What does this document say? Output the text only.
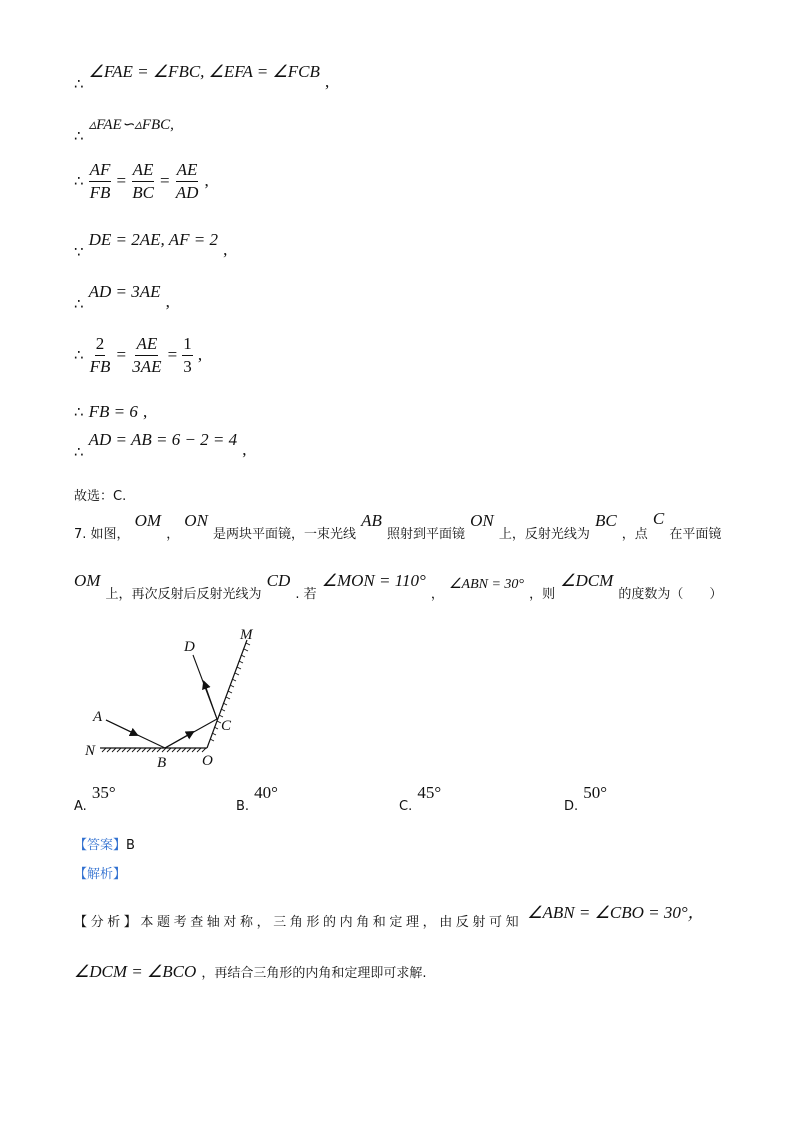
∴ ∠FAE = ∠FBC, ∠EFA = ∠FCB ,
∴ ▵FAE∽▵FBC,
∴ $\frac{AF}{FB} = \frac{AE}{BC} = \frac{AE}{AD}$ ,
∵ DE = 2AE, AF = 2 ,
∴ AD = 3AE ,
∴ $\frac{2}{FB} = \frac{AE}{3AE} = \frac{1}{3}$ ,
∴ FB = 6 ,
∴ AD = AB = 6 − 2 = 4 ,
故选：C.
7. 如图， OM ， ON 是两块平面镜，一束光线 AB 照射到平面镜 ON 上，反射光线为 BC ，点 C 在平面镜
OM 上，再次反射后反射光线为 CD . 若 ∠MON = 110° ， ∠ABN = 30° ，则 ∠DCM 的度数为（　　）
D
M
A
C
N
B O
$_{A.}$ 35°
$_{B.}$ 40°
$_{C.}$ 45°
$_{D.}$ 50°
【答案】B
【解析】
$_{【分析】本题考查轴对称,三角形的内角和定理,由反射可知}$ ∠ABN = ∠CBO = 30°，
∠DCM = ∠BCO ，再结合三角形的内角和定理即可求解.
